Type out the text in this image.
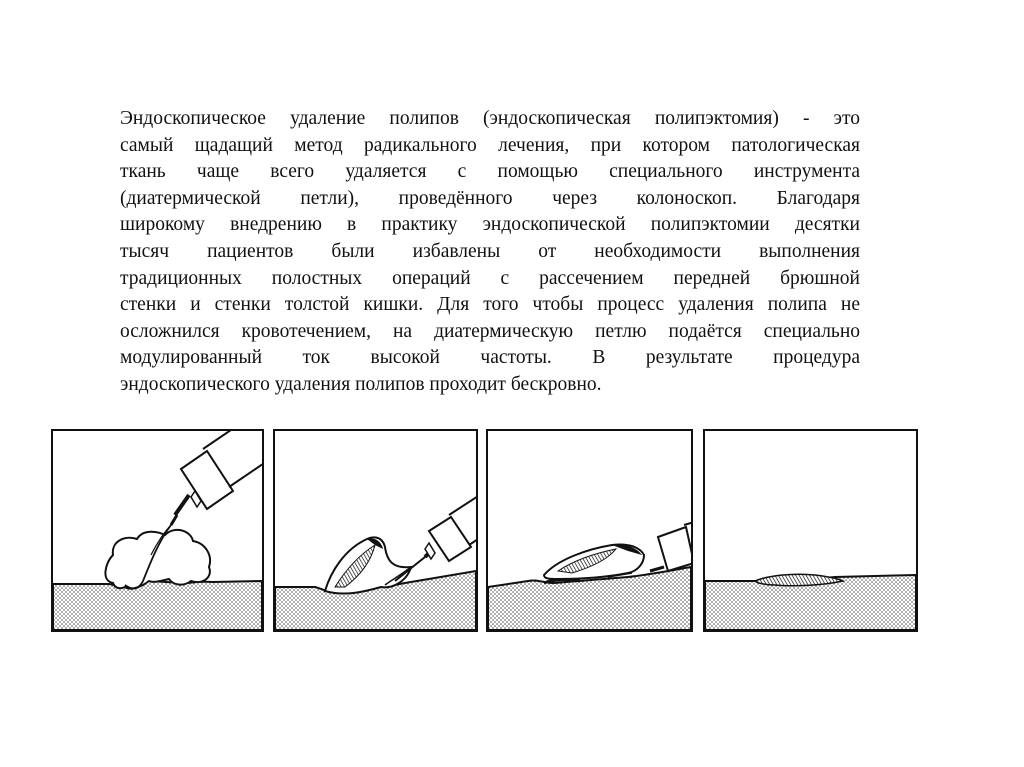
Эндоскопическое удаление полипов (эндоскопическая полипэктомия) - это
самый щадащий метод радикального лечения, при котором патологическая
ткань чаще всего удаляется с помощью специального инструмента
(диатермической петли), проведённого через колоноскоп. Благодаря
широкому внедрению в практику эндоскопической полипэктомии десятки
тысяч пациентов были избавлены от необходимости выполнения
традиционных полостных операций с рассечением передней брюшной
стенки и стенки толстой кишки. Для того чтобы процесс удаления полипа не
осложнился кровотечением, на диатермическую петлю подаётся специально
модулированный ток высокой частоты. В результате процедура
эндоскопического удаления полипов проходит бескровно.
